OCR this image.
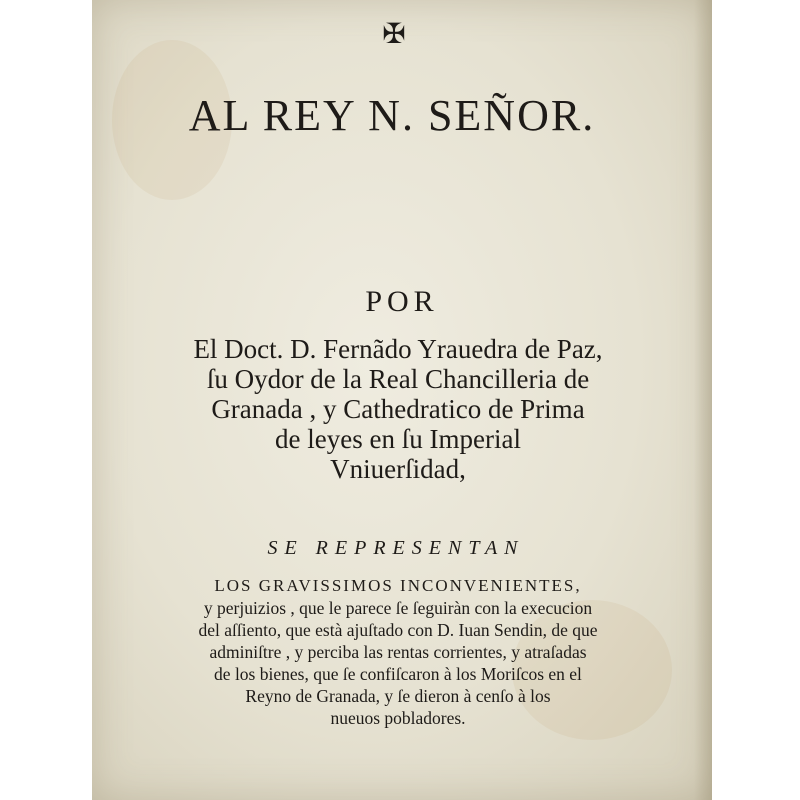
✠

AL REY N. SEÑOR.

POR

El Doct. D. Fernãdo Yrauedra de Paz,
ſu Oydor de la Real Chancilleria de
Granada , y Cathedratico de Prima
de leyes en ſu Imperial
Vniuerſidad,

SE REPRESENTAN

LOS GRAVISSIMOS INCONVENIENTES,
y perjuizios , que le parece ſe ſeguiràn con la execucion
del aſſiento, que està ajuſtado con D. Iuan Sendin, de que
adminiſtre , y perciba las rentas corrientes, y atraſadas
de los bienes, que ſe confiſcaron à los Moriſcos en el
Reyno de Granada, y ſe dieron à cenſo à los
nueuos pobladores.
